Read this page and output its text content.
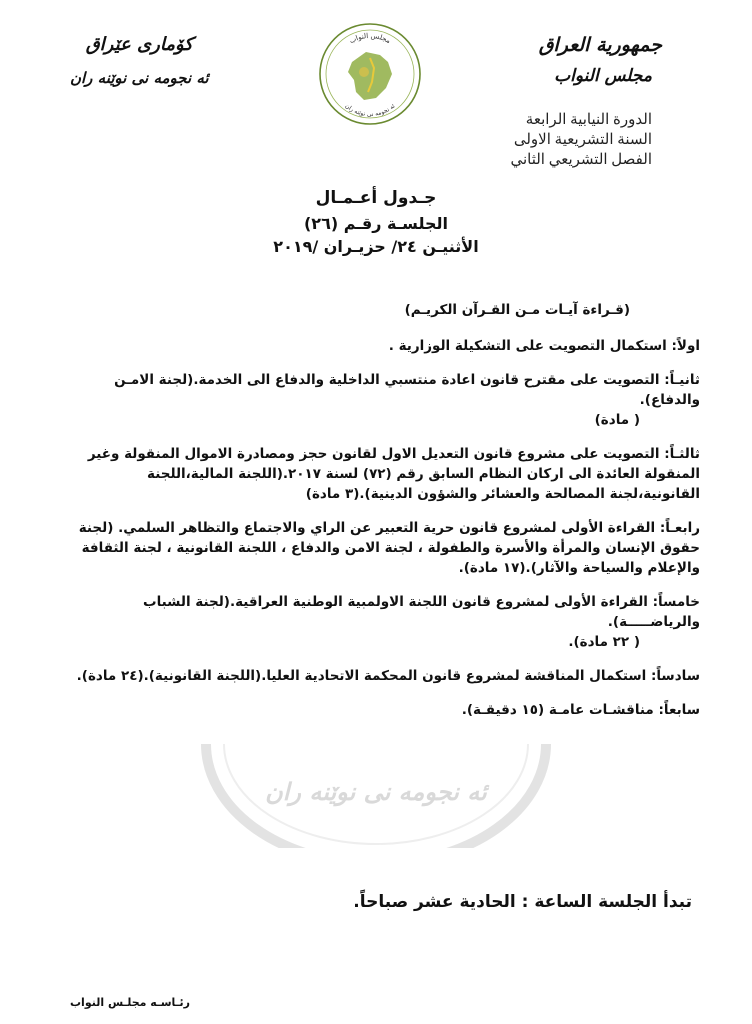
جمهورية العراق
مجلس النواب
الدورة النيابية الرابعة
السنة التشريعية الاولى
الفصل التشريعي الثاني
كۆماری عێراق
ئه نجومه نی نوێنه ران
مجلس النواب
ئه نجومه نی نوێنه ران
جـدول أعـمـال
الجلسـة رقـم (٢٦)
الأثنيـن ٢٤/ حزيـران /٢٠١٩
(قـراءة آيـات مـن القـرآن الكريـم)
اولاً: استكمال التصويت على التشكيلة الوزارية .
ثانيـاً: التصويت على مقترح قانون اعادة منتسبي الداخلية والدفاع الى الخدمة.(لجنة الامـن والدفاع).
( مادة)
ثالثـاً: التصويت على مشروع قانون التعديل الاول لقانون حجز ومصادرة الاموال المنقولة وغير المنقولة العائدة الى اركان النظام السابق رقم (٧٢) لسنة ٢٠١٧.(اللجنة المالية،اللجنة القانونية،لجنة المصالحة والعشائر والشؤون الدينية).(٣ مادة)
رابعـاً: القراءة الأولى لمشروع قانون حرية التعبير عن الراي والاجتماع والتظاهر السلمي. (لجنة حقوق الإنسان والمرأة والأسرة والطفولة ، لجنة الامن والدفاع ، اللجنة القانونية ، لجنة الثقافة والإعلام والسياحة والآثار).(١٧ مادة).
خامساً: القراءة الأولى لمشروع قانون اللجنة الاولمبية الوطنية العراقية.(لجنة الشباب والرياضـــــة).
( ٢٢ مادة).
سادساً: استكمال المناقشة لمشروع قانون المحكمة الاتحادية العليا.(اللجنة القانونية).(٢٤ مادة).
سابعاً: مناقشـات عامـة (١٥ دقيقـة).
ئه نجومه نی نوێنه ران
تبدأ الجلسة الساعة : الحادية عشر صباحاً.
رئـاسـه مجلـس النواب
